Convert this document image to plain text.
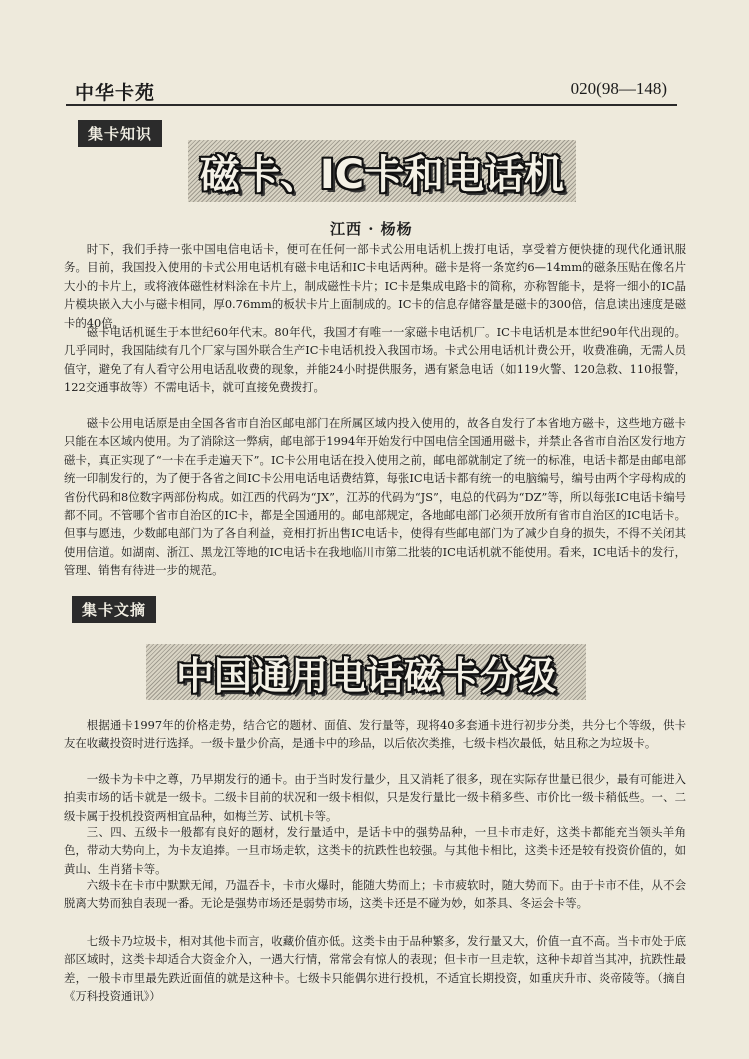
中华卡苑	020(98—148)
集卡知识
磁卡、IC卡和电话机
江西 · 杨杨

时下，我们手持一张中国电信电话卡，便可在任何一部卡式公用电话机上拨打电话，享受着方便快捷的现代化通讯服务。目前，我国投入使用的卡式公用电话机有磁卡电话和IC卡电话两种。磁卡是将一条宽约6—14mm的磁条压贴在像名片大小的卡片上，或将液体磁性材料涂在卡片上，制成磁性卡片；IC卡是集成电路卡的简称，亦称智能卡，是将一细小的IC晶片模块嵌入大小与磁卡相同，厚0.76mm的板状卡片上面制成的。IC卡的信息存储容量是磁卡的300倍，信息读出速度是磁卡的40倍。

磁卡电话机诞生于本世纪60年代末。80年代，我国才有唯一一家磁卡电话机厂。IC卡电话机是本世纪90年代出现的。几乎同时，我国陆续有几个厂家与国外联合生产IC卡电话机投入我国市场。卡式公用电话机计费公开，收费准确，无需人员值守，避免了有人看守公用电话乱收费的现象，并能24小时提供服务，遇有紧急电话（如119火警、120急救、110报警，122交通事故等）不需电话卡，就可直接免费拨打。

磁卡公用电话原是由全国各省市自治区邮电部门在所属区域内投入使用的，故各自发行了本省地方磁卡，这些地方磁卡只能在本区域内使用。为了消除这一弊病，邮电部于1994年开始发行中国电信全国通用磁卡，并禁止各省市自治区发行地方磁卡，真正实现了“一卡在手走遍天下”。IC卡公用电话在投入使用之前，邮电部就制定了统一的标准，电话卡都是由邮电部统一印制发行的，为了便于各省之间IC卡公用电话电话费结算，每张IC电话卡都有统一的电脑编号，编号由两个字母构成的省份代码和8位数字两部份构成。如江西的代码为“JX”，江苏的代码为“JS”，电总的代码为“DZ”等，所以每张IC电话卡编号都不同。不管哪个省市自治区的IC卡，都是全国通用的。邮电部规定，各地邮电部门必须开放所有省市自治区的IC电话卡。但事与愿违，少数邮电部门为了各自利益，竞相打折出售IC电话卡，使得有些邮电部门为了减少自身的损失，不得不关闭其使用信道。如湖南、浙江、黑龙江等地的IC电话卡在我地临川市第二批装的IC电话机就不能使用。看来，IC电话卡的发行，管理、销售有待进一步的规范。

集卡文摘
中国通用电话磁卡分级

根据通卡1997年的价格走势，结合它的题材、面值、发行量等，现将40多套通卡进行初步分类，共分七个等级，供卡友在收藏投资时进行选择。一级卡量少价高，是通卡中的珍品，以后依次类推，七级卡档次最低，姑且称之为垃圾卡。

一级卡为卡中之尊，乃早期发行的通卡。由于当时发行量少，且又消耗了很多，现在实际存世量已很少，最有可能进入拍卖市场的话卡就是一级卡。二级卡目前的状况和一级卡相似，只是发行量比一级卡稍多些、市价比一级卡稍低些。一、二级卡属于投机投资两相宜品种，如梅兰芳、试机卡等。

三、四、五级卡一般都有良好的题材，发行量适中，是话卡中的强势品种，一旦卡市走好，这类卡都能充当领头羊角色，带动大势向上，为卡友追捧。一旦市场走软，这类卡的抗跌性也较强。与其他卡相比，这类卡还是较有投资价值的，如黄山、生肖猪卡等。

六级卡在卡市中默默无闻，乃温吞卡，卡市火爆时，能随大势而上；卡市疲软时，随大势而下。由于卡市不佳，从不会脱离大势而独自表现一番。无论是强势市场还是弱势市场，这类卡还是不碰为妙，如茶具、冬运会卡等。

七级卡乃垃圾卡，相对其他卡而言，收藏价值亦低。这类卡由于品种繁多，发行量又大，价值一直不高。当卡市处于底部区域时，这类卡却适合大资金介入，一遇大行情，常常会有惊人的表现；但卡市一旦走软，这种卡却首当其冲，抗跌性最差，一般卡市里最先跌近面值的就是这种卡。七级卡只能偶尔进行投机，不适宜长期投资，如重庆升市、炎帝陵等。（摘自《万科投资通讯》）
